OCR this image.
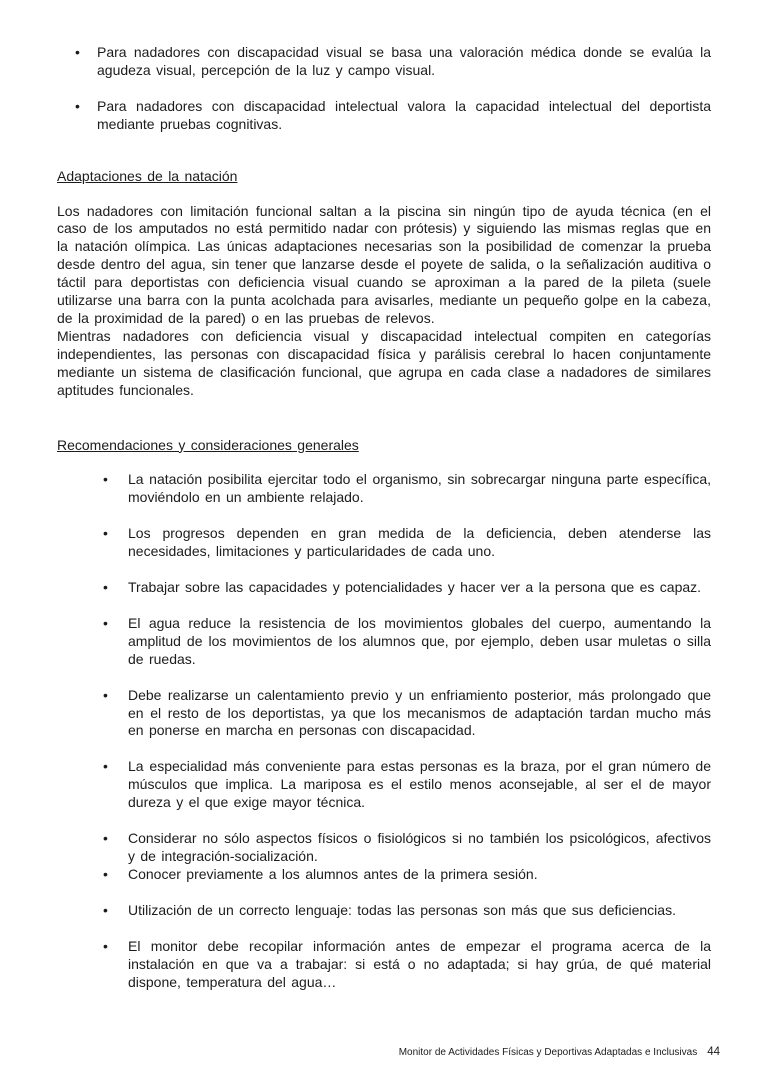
•	Para nadadores con discapacidad visual se basa una valoración médica donde se evalúa la agudeza visual, percepción de la luz y campo visual.
•	Para nadadores con discapacidad intelectual valora la capacidad intelectual del deportista mediante pruebas cognitivas.
Adaptaciones de la natación

Los nadadores con limitación funcional saltan a la piscina sin ningún tipo de ayuda técnica (en el caso de los amputados no está permitido nadar con prótesis) y siguiendo las mismas reglas que en la natación olímpica. Las únicas adaptaciones necesarias son la posibilidad de comenzar la prueba desde dentro del agua, sin tener que lanzarse desde el poyete de salida, o la señalización auditiva o táctil para deportistas con deficiencia visual cuando se aproximan a la pared de la pileta (suele utilizarse una barra con la punta acolchada para avisarles, mediante un pequeño golpe en la cabeza, de la proximidad de la pared) o en las pruebas de relevos.

Mientras nadadores con deficiencia visual y discapacidad intelectual compiten en categorías independientes, las personas con discapacidad física y parálisis cerebral lo hacen conjuntamente mediante un sistema de clasificación funcional, que agrupa en cada clase a nadadores de similares aptitudes funcionales.

Recomendaciones y consideraciones generales
•	La natación posibilita ejercitar todo el organismo, sin sobrecargar ninguna parte específica, moviéndolo en un ambiente relajado.
•	Los progresos dependen en gran medida de la deficiencia, deben atenderse las necesidades, limitaciones y particularidades de cada uno.
•	Trabajar sobre las capacidades y potencialidades y hacer ver a la persona que es capaz.
•	El agua reduce la resistencia de los movimientos globales del cuerpo, aumentando la amplitud de los movimientos de los alumnos que, por ejemplo, deben usar muletas o silla de ruedas.
•	Debe realizarse un calentamiento previo y un enfriamiento posterior, más prolongado que en el resto de los deportistas, ya que los mecanismos de adaptación tardan mucho más en ponerse en marcha en personas con discapacidad.
•	La especialidad más conveniente para estas personas es la braza, por el gran número de músculos que implica. La mariposa es el estilo menos aconsejable, al ser el de mayor dureza y el que exige mayor técnica.
•	Considerar no sólo aspectos físicos o fisiológicos si no también los psicológicos, afectivos y de integración-socialización.
•	Conocer previamente a los alumnos antes de la primera sesión.
•	Utilización de un correcto lenguaje: todas las personas son más que sus deficiencias.
•	El monitor debe recopilar información antes de empezar el programa acerca de la instalación en que va a trabajar: si está o no adaptada; si hay grúa, de qué material dispone, temperatura del agua…
Monitor de Actividades Físicas y Deportivas Adaptadas e Inclusivas 44
